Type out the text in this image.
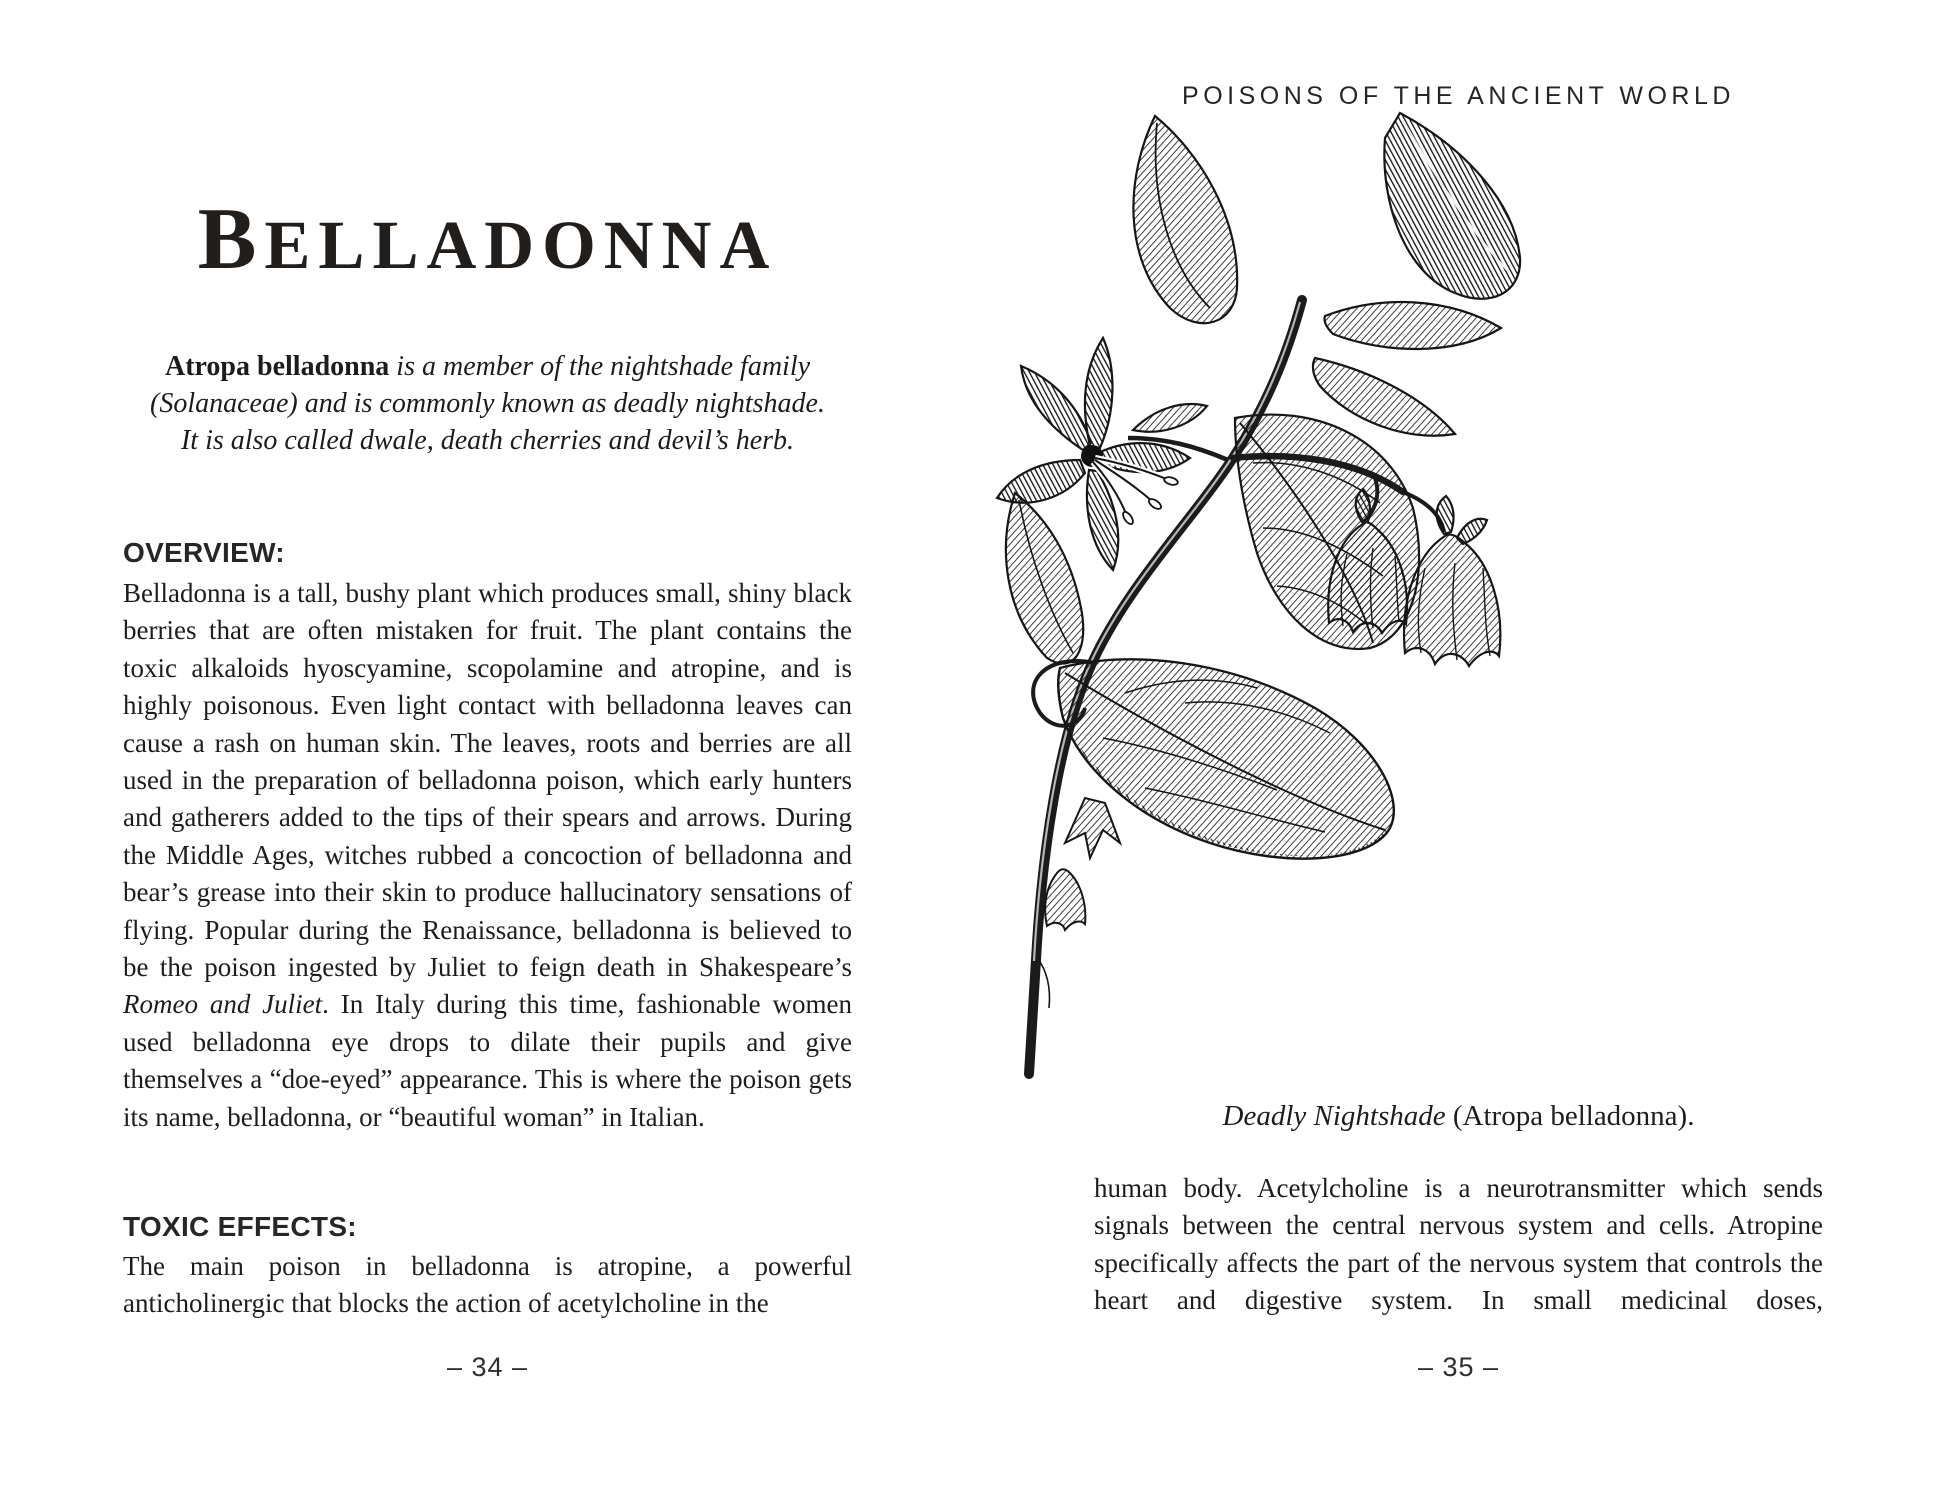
BELLADONNA

Atropa belladonna is a member of the nightshade family (Solanaceae) and is commonly known as deadly nightshade. It is also called dwale, death cherries and devil’s herb.

OVERVIEW:

Belladonna is a tall, bushy plant which produces small, shiny black berries that are often mistaken for fruit. The plant contains the toxic alkaloids hyoscyamine, scopolamine and atropine, and is highly poisonous. Even light contact with belladonna leaves can cause a rash on human skin. The leaves, roots and berries are all used in the preparation of belladonna poison, which early hunters and gatherers added to the tips of their spears and arrows. During the Middle Ages, witches rubbed a concoction of belladonna and bear’s grease into their skin to produce hallucinatory sensations of flying. Popular during the Renaissance, belladonna is believed to be the poison ingested by Juliet to feign death in Shakespeare’s Romeo and Juliet. In Italy during this time, fashionable women used belladonna eye drops to dilate their pupils and give themselves a “doe-eyed” appearance. This is where the poison gets its name, belladonna, or “beautiful woman” in Italian.

TOXIC EFFECTS:

The main poison in belladonna is atropine, a powerful anticholinergic that blocks the action of acetylcholine in the

– 34 –
POISONS OF THE ANCIENT WORLD
Deadly Nightshade (Atropa belladonna).

human body. Acetylcholine is a neurotransmitter which sends signals between the central nervous system and cells. Atropine specifically affects the part of the nervous system that controls the heart and digestive system. In small medicinal doses,

– 35 –
